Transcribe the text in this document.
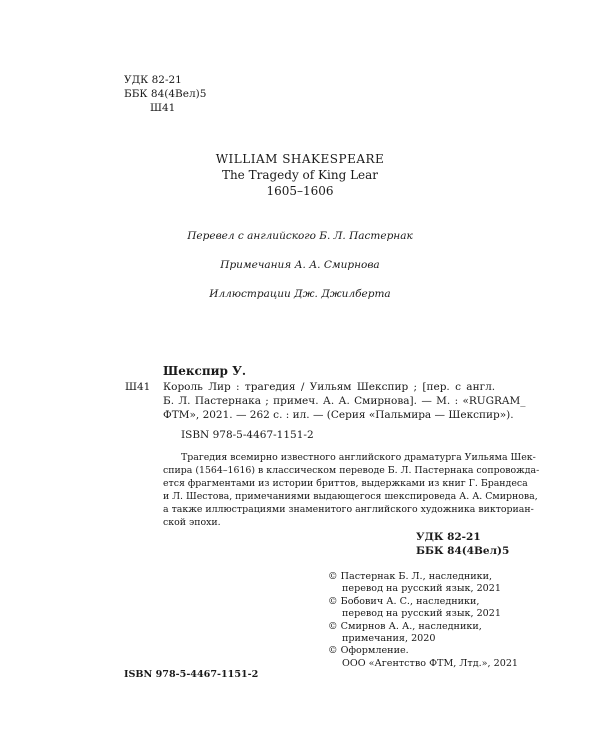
УДК 82-21
ББК 84(4Вел)5
Ш41
WILLIAM SHAKESPEARE
The Tragedy of King Lear
1605–1606
Перевел с английского Б. Л. Пастернак
Примечания А. А. Смирнова
Иллюстрации Дж. Джилберта
Шекспир У.
Ш41 Король Лир : трагедия / Уильям Шекспир ; [пер. с англ.
Б. Л. Пастернака ; примеч. А. А. Смирнова]. — М. : «RUGRAM_
ФТМ», 2021. — 262 с. : ил. — (Серия «Пальмира — Шекспир»).
ISBN 978-5-4467-1151-2
Трагедия всемирно известного английского драматурга Уильяма Шек-
спира (1564–1616) в классическом переводе Б. Л. Пастернака сопровожда-
ется фрагментами из истории бриттов, выдержками из книг Г. Брандеса
и Л. Шестова, примечаниями выдающегося шекспироведа А. А. Смирнова,
а также иллюстрациями знаменитого английского художника викториан-
ской эпохи.
УДК 82-21
ББК 84(4Вел)5
© Пастернак Б. Л., наследники,
перевод на русский язык, 2021
© Бобович А. С., наследники,
перевод на русский язык, 2021
© Смирнов А. А., наследники,
примечания, 2020
© Оформление.
ООО «Агентство ФТМ, Лтд.», 2021
ISBN 978-5-4467-1151-2
